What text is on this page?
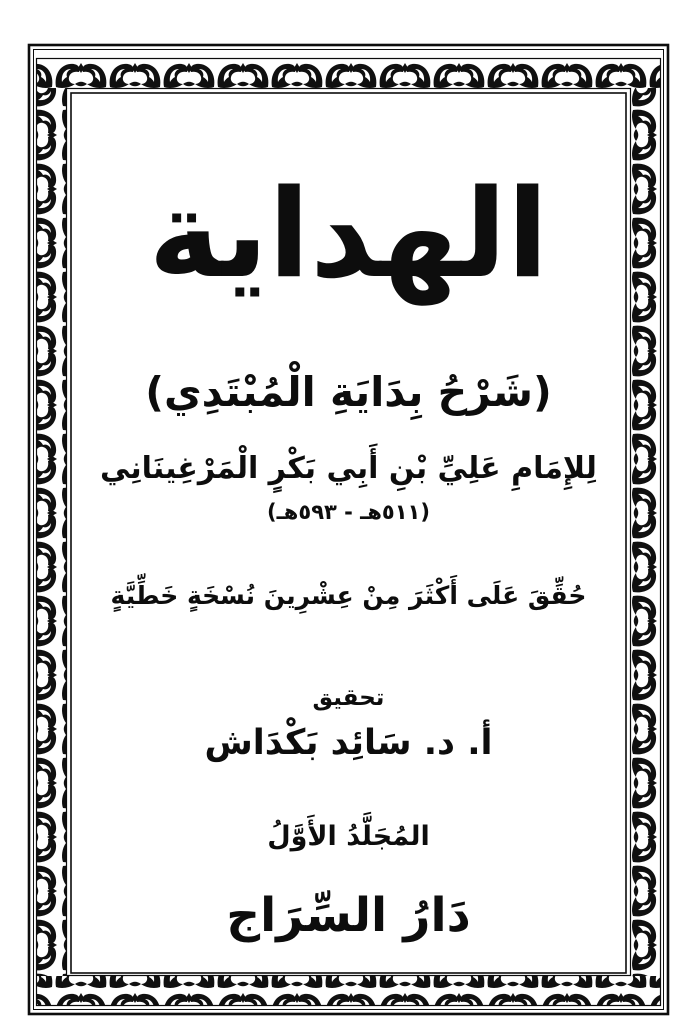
الهداية
(شَرْحُ بِدَايَةِ الْمُبْتَدِي)
لِلإِمَامِ عَلِيِّ بْنِ أَبِي بَكْرٍ الْمَرْغِينَانِي
(٥١١هـ - ٥٩٣هـ)
حُقِّقَ عَلَى أَكْثَرَ مِنْ عِشْرِينَ نُسْخَةٍ خَطِّيَّةٍ
تحقيق
أ. د. سَائِد بَكْدَاش
المُجَلَّدُ الأَوَّلُ
دَارُ السِّرَاج
